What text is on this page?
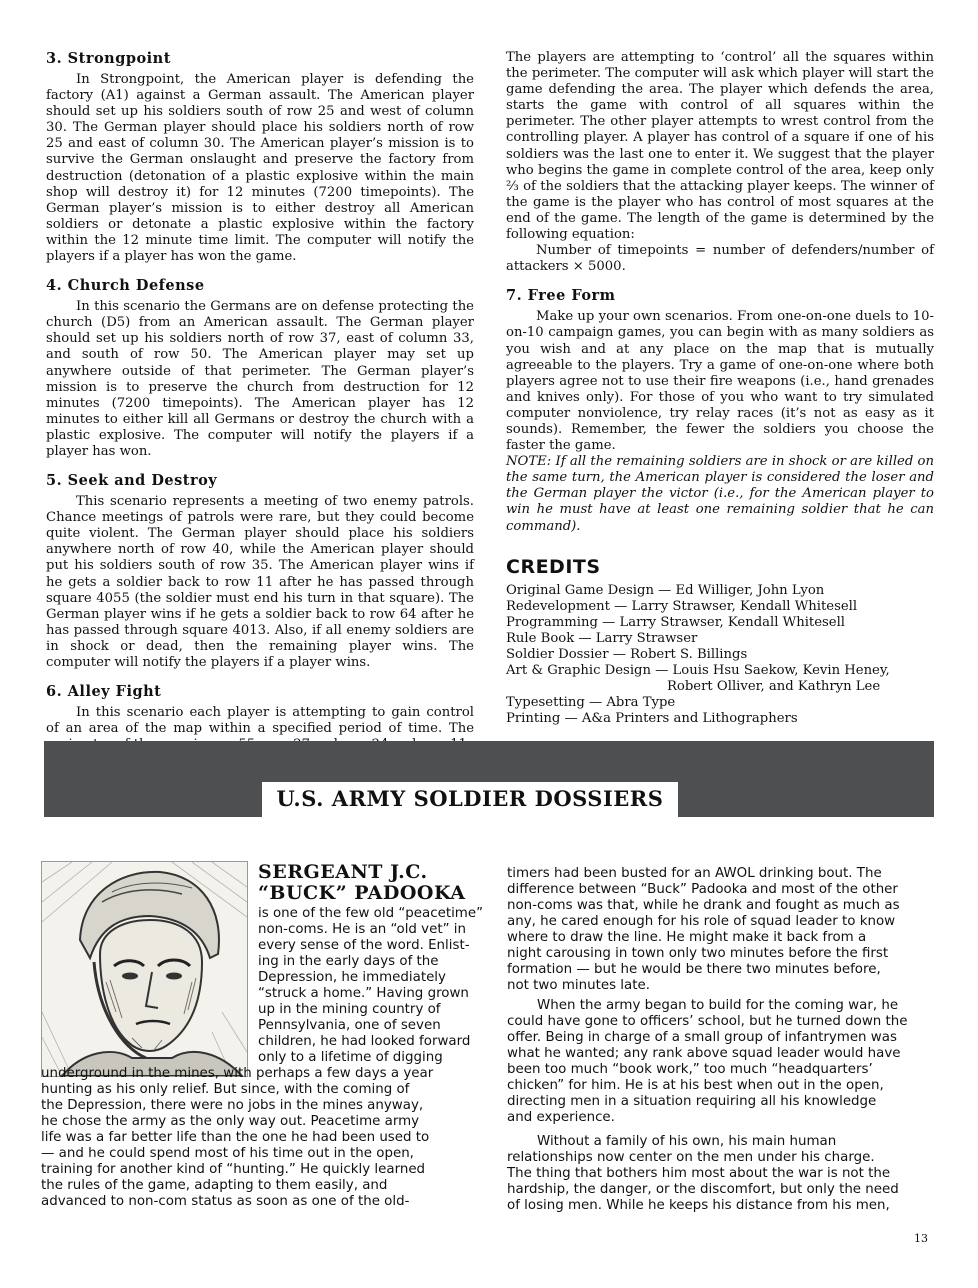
3. Strongpoint

In Strongpoint, the American player is defending the factory (A1) against a German assault. The American player should set up his soldiers south of row 25 and west of column 30. The German player should place his soldiers north of row 25 and east of column 30. The American player’s mission is to survive the German onslaught and preserve the factory from destruction (detonation of a plastic explosive within the main shop will destroy it) for 12 minutes (7200 timepoints). The German player’s mission is to either destroy all American soldiers or detonate a plastic explosive within the factory within the 12 minute time limit. The computer will notify the players if a player has won the game.

4. Church Defense

In this scenario the Germans are on defense protecting the church (D5) from an American assault. The German player should set up his soldiers north of row 37, east of column 33, and south of row 50. The American player may set up anywhere outside of that perimeter. The German player’s mission is to preserve the church from destruction for 12 minutes (7200 timepoints). The American player has 12 minutes to either kill all Germans or destroy the church with a plastic explosive. The computer will notify the players if a player has won.

5. Seek and Destroy

This scenario represents a meeting of two enemy patrols. Chance meetings of patrols were rare, but they could become quite violent. The German player should place his soldiers anywhere north of row 40, while the American player should put his soldiers south of row 35. The American player wins if he gets a soldier back to row 11 after he has passed through square 4055 (the soldier must end his turn in that square). The German player wins if he gets a soldier back to row 64 after he has passed through square 4013. Also, if all enemy soldiers are in shock or dead, then the remaining player wins. The computer will notify the players if a player wins.

6. Alley Fight

In this scenario each player is attempting to gain control of an area of the map within a specified period of time. The

The players are attempting to ‘control’ all the squares within the perimeter. The computer will ask which player will start the game defending the area. The player which defends the area, starts the game with control of all squares within the perimeter. The other player attempts to wrest control from the controlling player. A player has control of a square if one of his soldiers was the last one to enter it. We suggest that the player who begins the game in complete control of the area, keep only ⅔ of the soldiers that the attacking player keeps. The winner of the game is the player who has control of most squares at the end of the game. The length of the game is determined by the following equation:

Number of timepoints = number of defenders/number of attackers × 5000.

7. Free Form

Make up your own scenarios. From one-on-one duels to 10-on-10 campaign games, you can begin with as many soldiers as you wish and at any place on the map that is mutually agreeable to the players. Try a game of one-on-one where both players agree not to use their fire weapons (i.e., hand grenades and knives only). For those of you who want to try simulated computer nonviolence, try relay races (it’s not as easy as it sounds). Remember, the fewer the soldiers you choose the faster the game.

NOTE: If all the remaining soldiers are in shock or are killed on the same turn, the American player is considered the loser and the German player the victor (i.e., for the American player to win he must have at least one remaining soldier that he can command).

CREDITS
Original Game Design — Ed Williger, John Lyon
Redevelopment — Larry Strawser, Kendall Whitesell
Programming — Larry Strawser, Kendall Whitesell
Rule Book — Larry Strawser
Soldier Dossier — Robert S. Billings
Art & Graphic Design — Louis Hsu Saekow, Kevin Heney,
Robert Olliver, and Kathryn Lee
Typesetting — Abra Type
Printing — A&a Printers and Lithographers
U.S. ARMY SOLDIER DOSSIERS
SERGEANT J.C.
“BUCK” PADOOKA
is one of the few old “peacetime”
non-coms. He is an “old vet” in
every sense of the word. Enlist-
ing in the early days of the
Depression, he immediately
“struck a home.” Having grown
up in the mining country of
Pennsylvania, one of seven
children, he had looked forward
only to a lifetime of digging
underground in the mines, with perhaps a few days a year
hunting as his only relief. But since, with the coming of
the Depression, there were no jobs in the mines anyway,
he chose the army as the only way out. Peacetime army
life was a far better life than the one he had been used to
— and he could spend most of his time out in the open,
training for another kind of “hunting.” He quickly learned
the rules of the game, adapting to them easily, and
advanced to non-com status as soon as one of the old-
timers had been busted for an AWOL drinking bout. The
difference between “Buck” Padooka and most of the other
non-coms was that, while he drank and fought as much as
any, he cared enough for his role of squad leader to know
where to draw the line. He might make it back from a
night carousing in town only two minutes before the first
formation — but he would be there two minutes before,
not two minutes late.
When the army began to build for the coming war, he
could have gone to officers’ school, but he turned down the
offer. Being in charge of a small group of infantrymen was
what he wanted; any rank above squad leader would have
been too much “book work,” too much “headquarters’
chicken” for him. He is at his best when out in the open,
directing men in a situation requiring all his knowledge
and experience.
Without a family of his own, his main human
relationships now center on the men under his charge.
The thing that bothers him most about the war is not the
hardship, the danger, or the discomfort, but only the need
of losing men. While he keeps his distance from his men,
13
